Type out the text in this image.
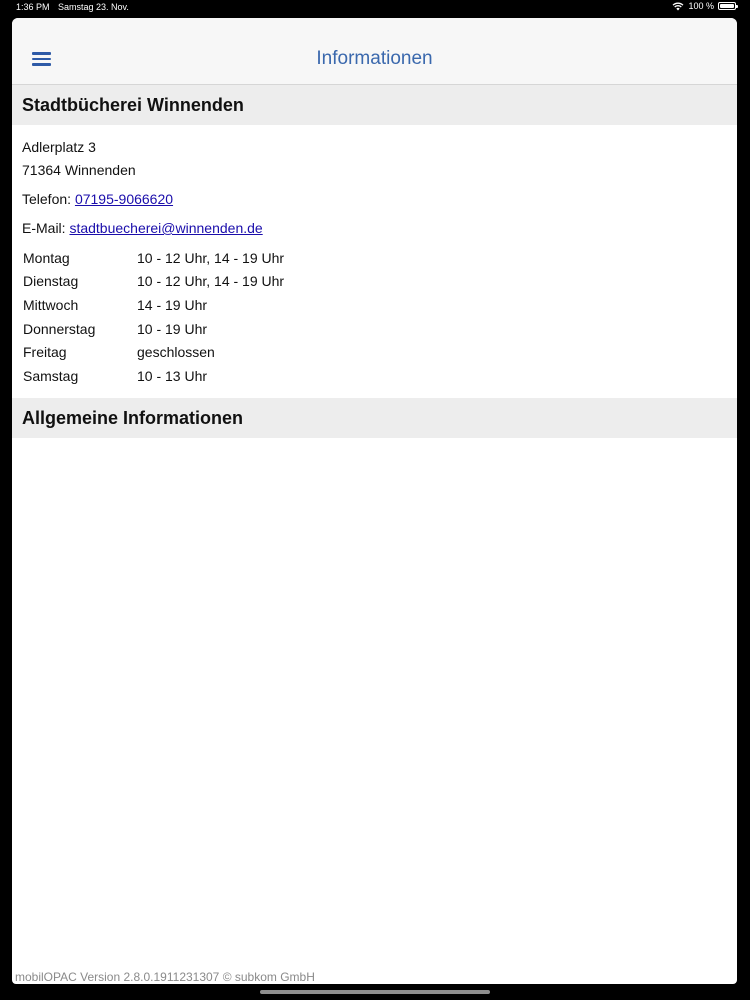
1:36 PM Samstag 23. Nov.	100 %
Informationen
Stadtbücherei Winnenden
Adlerplatz 3
71364 Winnenden
Telefon: 07195-9066620
E-Mail: stadtbuecherei@winnenden.de
Montag	10 - 12 Uhr, 14 - 19 Uhr
Dienstag	10 - 12 Uhr, 14 - 19 Uhr
Mittwoch	14 - 19 Uhr
Donnerstag	10 - 19 Uhr
Freitag	geschlossen
Samstag	10 - 13 Uhr
Allgemeine Informationen
mobilOPAC Version 2.8.0.1911231307 © subkom GmbH
